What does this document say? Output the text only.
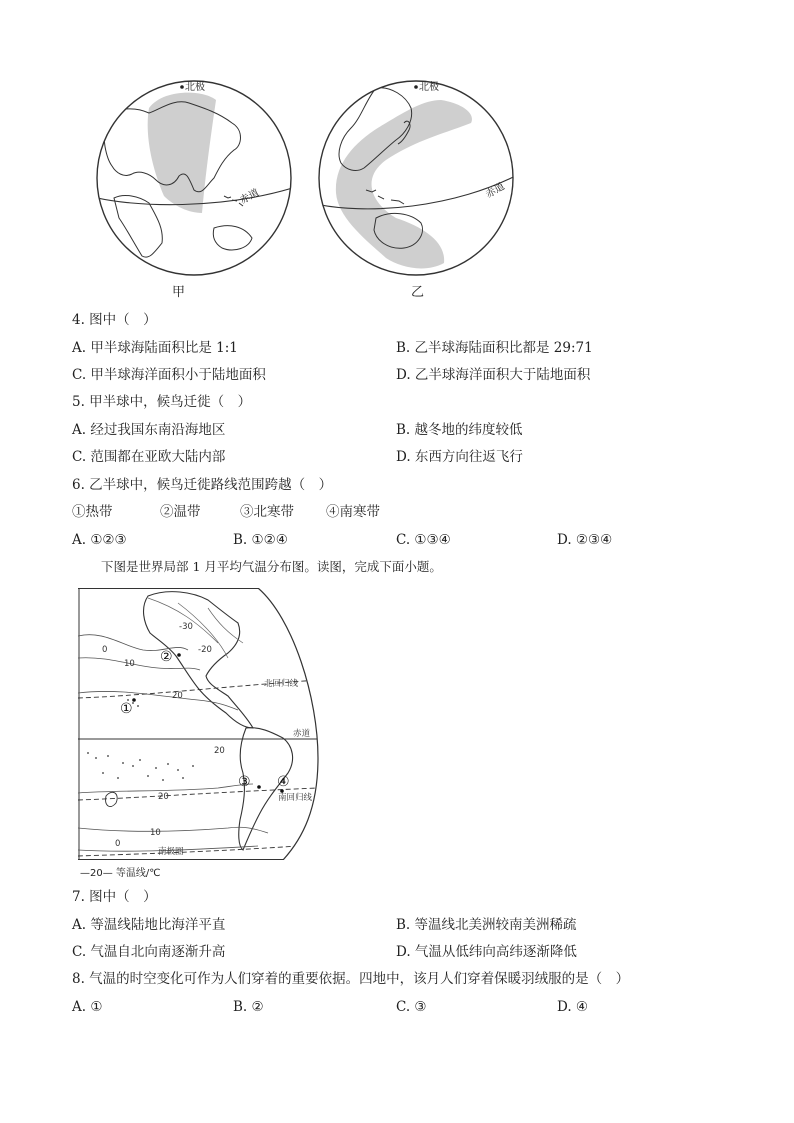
北极
赤道
甲
北极
赤道
乙
4. 图中（　）
A. 甲半球海陆面积比是 1:1	B. 乙半球海陆面积比都是 29:71
C. 甲半球海洋面积小于陆地面积	D. 乙半球海洋面积大于陆地面积
5. 甲半球中，候鸟迁徙（　）
A. 经过我国东南沿海地区	B. 越冬地的纬度较低
C. 范围都在亚欧大陆内部	D. 东西方向往返飞行
6. 乙半球中，候鸟迁徙路线范围跨越（　）
①热带	②温带	③北寒带 ④南寒带
A. ①②③	B. ①②④	C. ①③④	D. ②③④
下图是世界局部 1 月平均气温分布图。读图，完成下面小题。
-30
-20
0
10
20
20
20
10
0
北回归线
赤道
南回归线
南极圈
①
②
③ ④
—20— 等温线/℃
7. 图中（　）
A. 等温线陆地比海洋平直	B. 等温线北美洲较南美洲稀疏
C. 气温自北向南逐渐升高	D. 气温从低纬向高纬逐渐降低
8. 气温的时空变化可作为人们穿着的重要依据。四地中，该月人们穿着保暖羽绒服的是（　）
A. ①	B. ②	C. ③	D. ④
